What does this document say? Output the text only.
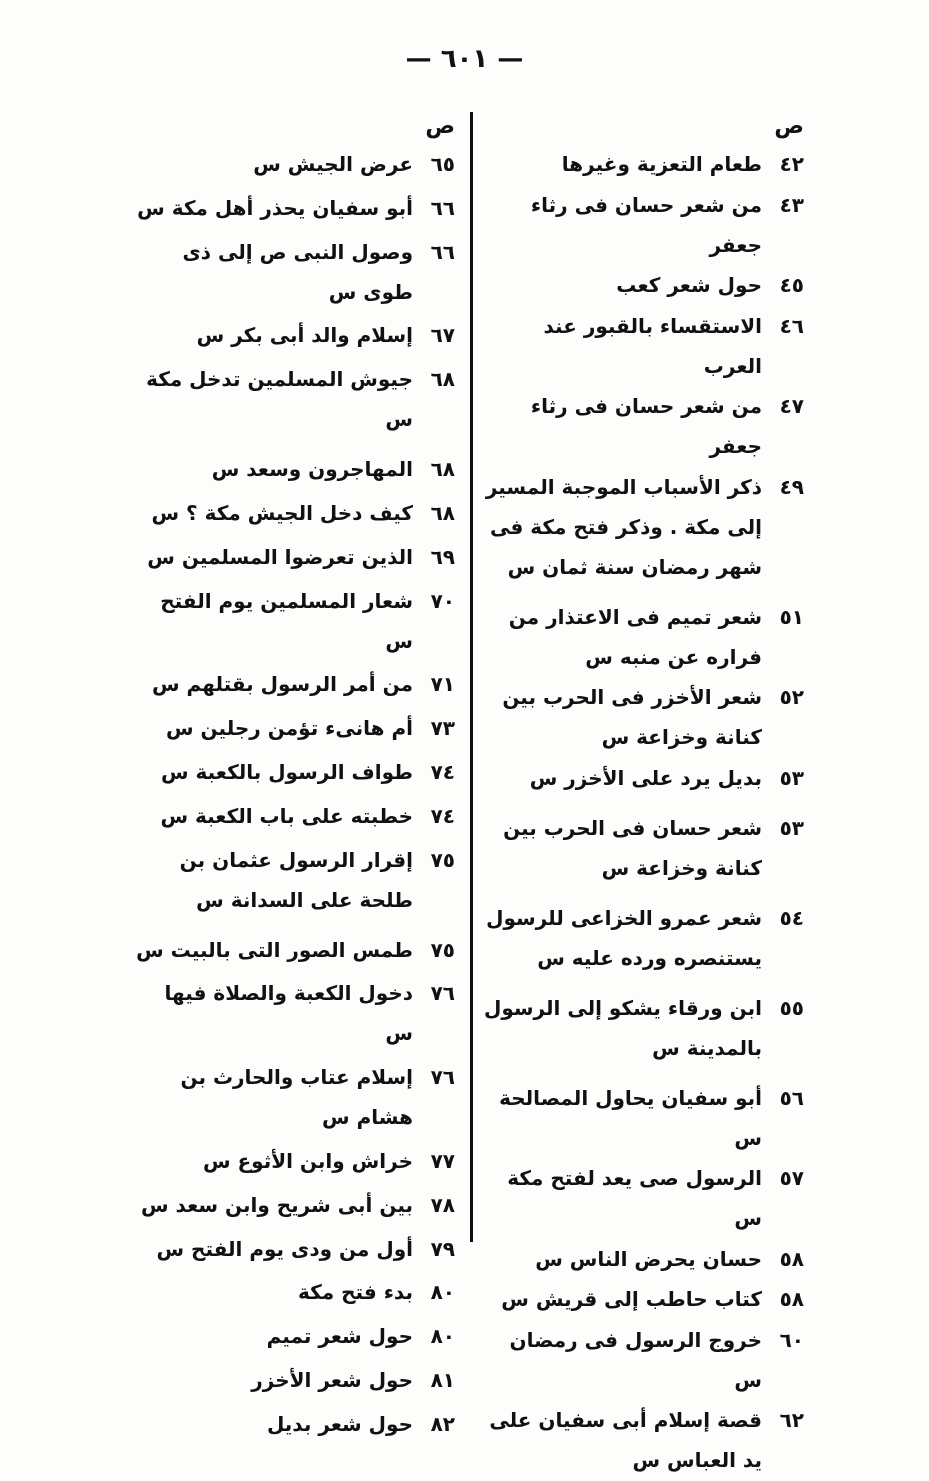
— ٦٠١ —
ص
٤٢
طعام التعزية وغيرها
٤٣
من شعر حسان فى رثاء جعفر
٤٥
حول شعر كعب
٤٦
الاستقساء بالقبور عند العرب
٤٧
من شعر حسان فى رثاء جعفر
٤٩
ذكر الأسباب الموجبة المسير إلى مكة . وذكر فتح مكة فى شهر رمضان سنة ثمان س
٥١
شعر تميم فى الاعتذار من فراره عن منبه س
٥٢
شعر الأخزر فى الحرب بين كنانة وخزاعة س
٥٣
بديل يرد على الأخزر س
٥٣
شعر حسان فى الحرب بين كنانة وخزاعة س
٥٤
شعر عمرو الخزاعى للرسول يستنصره ورده عليه س
٥٥
ابن ورقاء يشكو إلى الرسول بالمدينة س
٥٦
أبو سفيان يحاول المصالحة س
٥٧
الرسول صى يعد لفتح مكة س
٥٨
حسان يحرض الناس س
٥٨
كتاب حاطب إلى قريش س
٦٠
خروج الرسول فى رمضان س
٦٢
قصة إسلام أبى سفيان على يد العباس س
ص
٦٥
عرض الجيش س
٦٦
أبو سفيان يحذر أهل مكة س
٦٦
وصول النبى ص إلى ذى طوى س
٦٧
إسلام والد أبى بكر س
٦٨
جيوش المسلمين تدخل مكة س
٦٨
المهاجرون وسعد س
٦٨
كيف دخل الجيش مكة ؟ س
٦٩
الذين تعرضوا المسلمين س
٧٠
شعار المسلمين يوم الفتح س
٧١
من أمر الرسول بقتلهم س
٧٣
أم هانىء تؤمن رجلين س
٧٤
طواف الرسول بالكعبة س
٧٤
خطبته على باب الكعبة س
٧٥
إقرار الرسول عثمان بن طلحة على السدانة س
٧٥
طمس الصور التى بالبيت س
٧٦
دخول الكعبة والصلاة فيها س
٧٦
إسلام عتاب والحارث بن هشام س
٧٧
خراش وابن الأثوع س
٧٨
بين أبى شريح وابن سعد س
٧٩
أول من ودى يوم الفتح س
٨٠
بدء فتح مكة
٨٠
حول شعر تميم
٨١
حول شعر الأخزر
٨٢
حول شعر بديل
